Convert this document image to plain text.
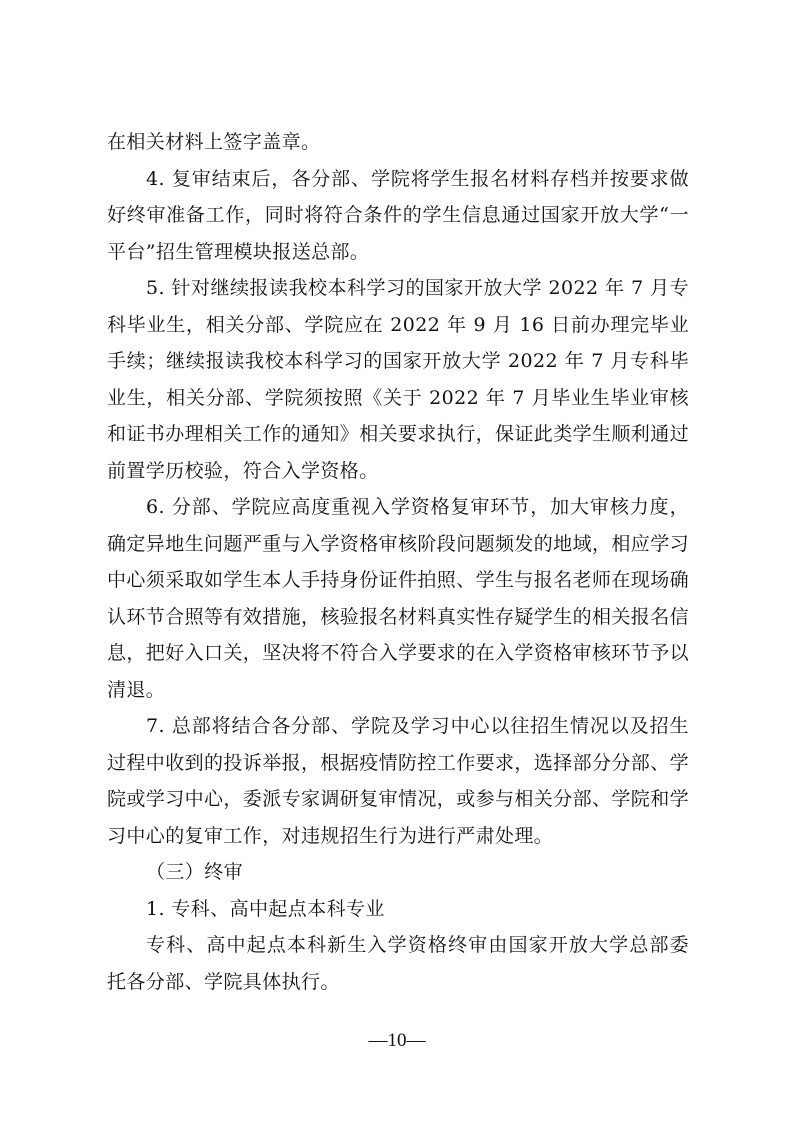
在相关材料上签字盖章。

4. 复审结束后，各分部、学院将学生报名材料存档并按要求做好终审准备工作，同时将符合条件的学生信息通过国家开放大学“一平台”招生管理模块报送总部。

5. 针对继续报读我校本科学习的国家开放大学 2022 年 7 月专科毕业生，相关分部、学院应在 2022 年 9 月 16 日前办理完毕业手续；继续报读我校本科学习的国家开放大学 2022 年 7 月专科毕业生，相关分部、学院须按照《关于 2022 年 7 月毕业生毕业审核和证书办理相关工作的通知》相关要求执行，保证此类学生顺利通过前置学历校验，符合入学资格。

6. 分部、学院应高度重视入学资格复审环节，加大审核力度，确定异地生问题严重与入学资格审核阶段问题频发的地域，相应学习中心须采取如学生本人手持身份证件拍照、学生与报名老师在现场确认环节合照等有效措施，核验报名材料真实性存疑学生的相关报名信息，把好入口关，坚决将不符合入学要求的在入学资格审核环节予以清退。

7. 总部将结合各分部、学院及学习中心以往招生情况以及招生过程中收到的投诉举报，根据疫情防控工作要求，选择部分分部、学院或学习中心，委派专家调研复审情况，或参与相关分部、学院和学习中心的复审工作，对违规招生行为进行严肃处理。

（三）终审

1. 专科、高中起点本科专业

专科、高中起点本科新生入学资格终审由国家开放大学总部委托各分部、学院具体执行。

—10—
